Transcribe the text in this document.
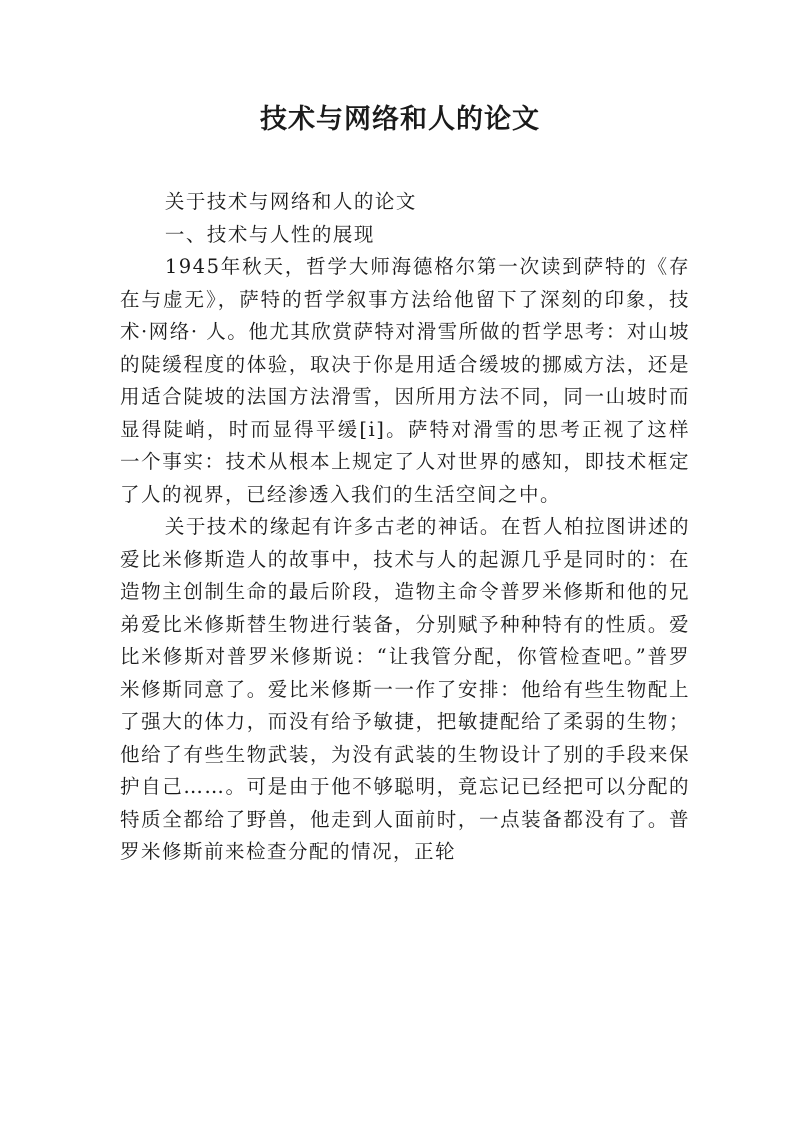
技术与网络和人的论文

关于技术与网络和人的论文

一、技术与人性的展现

1945年秋天，哲学大师海德格尔第一次读到萨特的《存在与虚无》，萨特的哲学叙事方法给他留下了深刻的印象，技术·网络· 人。他尤其欣赏萨特对滑雪所做的哲学思考：对山坡的陡缓程度的体验，取决于你是用适合缓坡的挪威方法，还是用适合陡坡的法国方法滑雪，因所用方法不同，同一山坡时而显得陡峭，时而显得平缓[i]。萨特对滑雪的思考正视了这样一个事实：技术从根本上规定了人对世界的感知，即技术框定了人的视界，已经渗透入我们的生活空间之中。

关于技术的缘起有许多古老的神话。在哲人柏拉图讲述的爱比米修斯造人的故事中，技术与人的起源几乎是同时的：在造物主创制生命的最后阶段，造物主命令普罗米修斯和他的兄弟爱比米修斯替生物进行装备，分别赋予种种特有的性质。爱比米修斯对普罗米修斯说：“让我管分配，你管检查吧。”普罗米修斯同意了。爱比米修斯一一作了安排：他给有些生物配上了强大的体力，而没有给予敏捷，把敏捷配给了柔弱的生物；他给了有些生物武装，为没有武装的生物设计了别的手段来保护自己……。可是由于他不够聪明，竟忘记已经把可以分配的特质全都给了野兽，他走到人面前时，一点装备都没有了。普罗米修斯前来检查分配的情况，正轮
